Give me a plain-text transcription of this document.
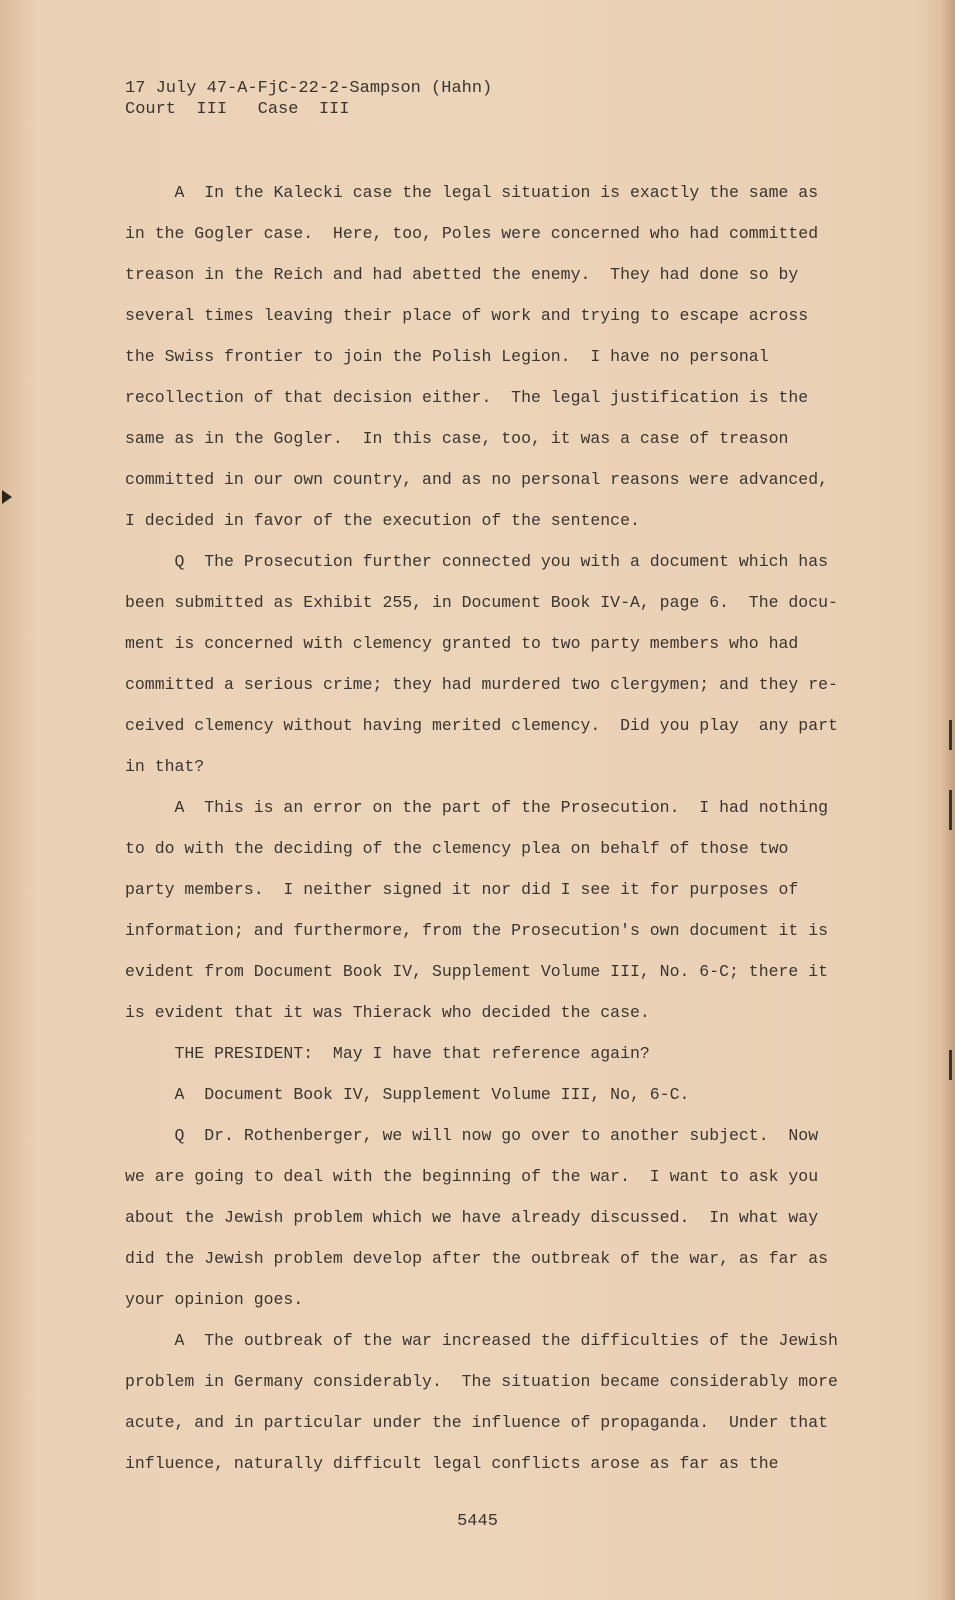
17 July 47-A-FjC-22-2-Sampson (Hahn)
Court  III   Case  III
A  In the Kalecki case the legal situation is exactly the same as
in the Gogler case.  Here, too, Poles were concerned who had committed
treason in the Reich and had abetted the enemy.  They had done so by
several times leaving their place of work and trying to escape across
the Swiss frontier to join the Polish Legion.  I have no personal
recollection of that decision either.  The legal justification is the
same as in the Gogler.  In this case, too, it was a case of treason
committed in our own country, and as no personal reasons were advanced,
I decided in favor of the execution of the sentence.
Q  The Prosecution further connected you with a document which has
been submitted as Exhibit 255, in Document Book IV-A, page 6.  The docu-
ment is concerned with clemency granted to two party members who had
committed a serious crime; they had murdered two clergymen; and they re-
ceived clemency without having merited clemency.  Did you play  any part
in that?
A  This is an error on the part of the Prosecution.  I had nothing
to do with the deciding of the clemency plea on behalf of those two
party members.  I neither signed it nor did I see it for purposes of
information; and furthermore, from the Prosecution's own document it is
evident from Document Book IV, Supplement Volume III, No. 6-C; there it
is evident that it was Thierack who decided the case.
THE PRESIDENT:  May I have that reference again?
A  Document Book IV, Supplement Volume III, No, 6-C.
Q  Dr. Rothenberger, we will now go over to another subject.  Now
we are going to deal with the beginning of the war.  I want to ask you
about the Jewish problem which we have already discussed.  In what way
did the Jewish problem develop after the outbreak of the war, as far as
your opinion goes.
A  The outbreak of the war increased the difficulties of the Jewish
problem in Germany considerably.  The situation became considerably more
acute, and in particular under the influence of propaganda.  Under that
influence, naturally difficult legal conflicts arose as far as the
5445
